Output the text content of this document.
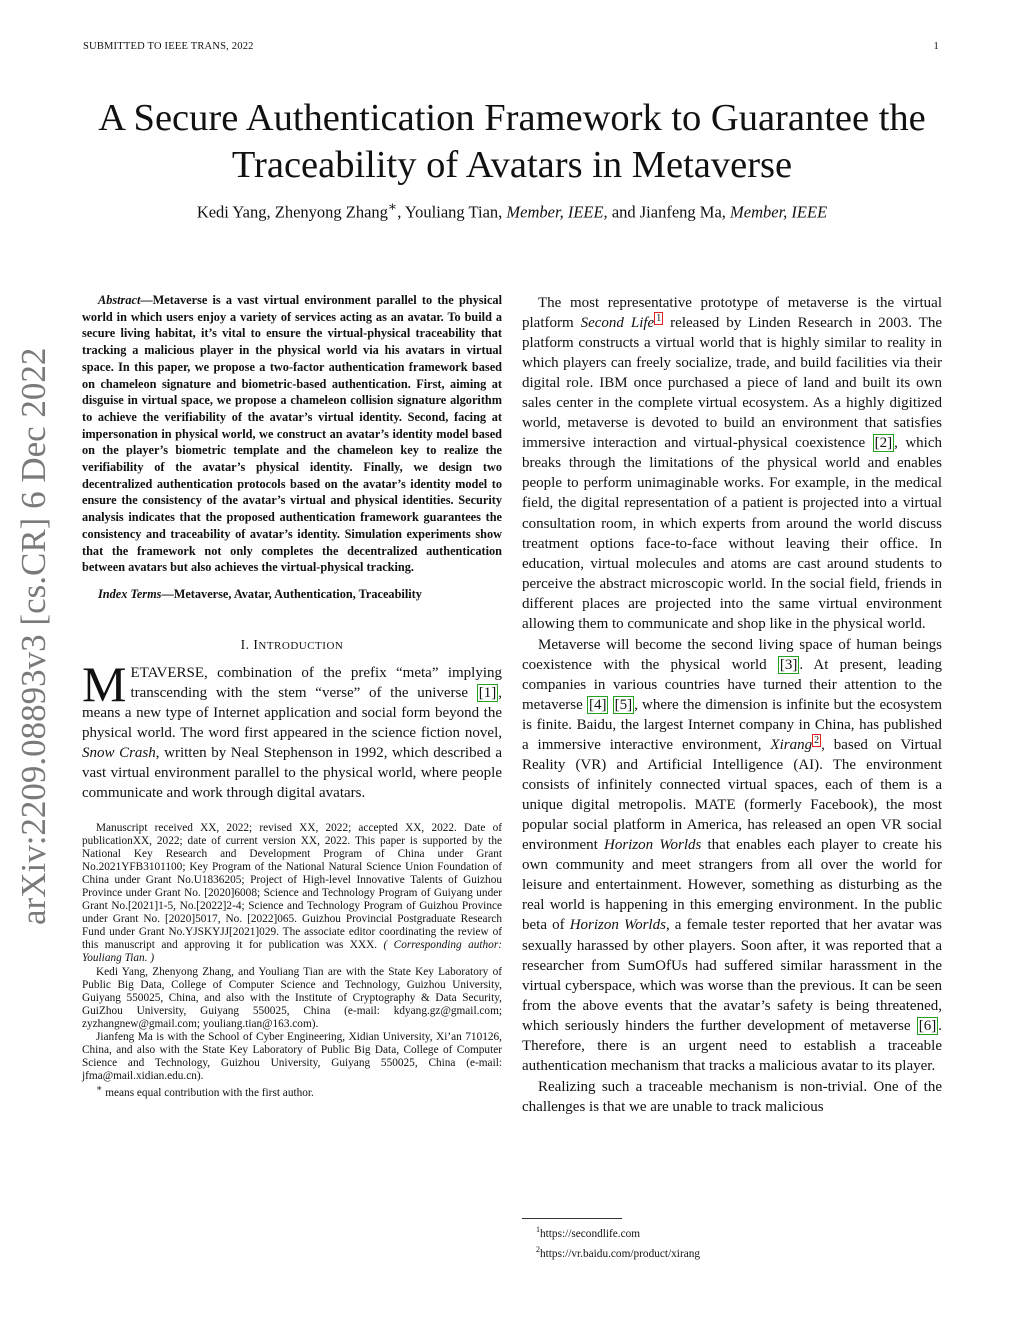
SUBMITTED TO IEEE TRANS, 2022	1
A Secure Authentication Framework to Guarantee the Traceability of Avatars in Metaverse
Kedi Yang, Zhenyong Zhang∗, Youliang Tian, Member, IEEE, and Jianfeng Ma, Member, IEEE
arXiv:2209.08893v3 [cs.CR] 6 Dec 2022

Abstract—Metaverse is a vast virtual environment parallel to the physical world in which users enjoy a variety of services acting as an avatar. To build a secure living habitat, it’s vital to ensure the virtual-physical traceability that tracking a malicious player in the physical world via his avatars in virtual space. In this paper, we propose a two-factor authentication framework based on chameleon signature and biometric-based authentication. First, aiming at disguise in virtual space, we propose a chameleon collision signature algorithm to achieve the verifiability of the avatar’s virtual identity. Second, facing at impersonation in physical world, we construct an avatar’s identity model based on the player’s biometric template and the chameleon key to realize the verifiability of the avatar’s physical identity. Finally, we design two decentralized authentication protocols based on the avatar’s identity model to ensure the consistency of the avatar’s virtual and physical identities. Security analysis indicates that the proposed authentication framework guarantees the consistency and traceability of avatar’s identity. Simulation experiments show that the framework not only completes the decentralized authentication between avatars but also achieves the virtual-physical tracking.

Index Terms—Metaverse, Avatar, Authentication, Traceability

I. INTRODUCTION

METAVERSE, combination of the prefix “meta” implying transcending with the stem “verse” of the universe [1] , means a new type of Internet application and social form beyond the physical world. The word first appeared in the science fiction novel, Snow Crash, written by Neal Stephenson in 1992, which described a vast virtual environment parallel to the physical world, where people communicate and work through digital avatars.

Manuscript received XX, 2022; revised XX, 2022; accepted XX, 2022. Date of publicationXX, 2022; date of current version XX, 2022. This paper is supported by the National Key Research and Development Program of China under Grant No.2021YFB3101100; Key Program of the National Natural Science Union Foundation of China under Grant No.U1836205; Project of High-level Innovative Talents of Guizhou Province under Grant No. [2020]6008; Science and Technology Program of Guiyang under Grant No.[2021]1-5, No.[2022]2-4; Science and Technology Program of Guizhou Province under Grant No. [2020]5017, No. [2022]065. Guizhou Provincial Postgraduate Research Fund under Grant No.YJSKYJJ[2021]029. The associate editor coordinating the review of this manuscript and approving it for publication was XXX. ( Corresponding author: Youliang Tian. )

Kedi Yang, Zhenyong Zhang, and Youliang Tian are with the State Key Laboratory of Public Big Data, College of Computer Science and Technology, Guizhou University, Guiyang 550025, China, and also with the Institute of Cryptography & Data Security, GuiZhou University, Guiyang 550025, China (e-mail: kdyang.gz@gmail.com; zyzhangnew@gmail.com; youliang.tian@163.com).

Jianfeng Ma is with the School of Cyber Engineering, Xidian University, Xi’an 710126, China, and also with the State Key Laboratory of Public Big Data, College of Computer Science and Technology, Guizhou University, Guiyang 550025, China (e-mail: jfma@mail.xidian.edu.cn).

∗ means equal contribution with the first author.

The most representative prototype of metaverse is the virtual platform Second Life $^1$ released by Linden Research in 2003. The platform constructs a virtual world that is highly similar to reality in which players can freely socialize, trade, and build facilities via their digital role. IBM once purchased a piece of land and built its own sales center in the complete virtual ecosystem. As a highly digitized world, metaverse is devoted to build an environment that satisfies immersive interaction and virtual-physical coexistence [2] , which breaks through the limitations of the physical world and enables people to perform unimaginable works. For example, in the medical field, the digital representation of a patient is projected into a virtual consultation room, in which experts from around the world discuss treatment options face-to-face without leaving their office. In education, virtual molecules and atoms are cast around students to perceive the abstract microscopic world. In the social field, friends in different places are projected into the same virtual environment allowing them to communicate and shop like in the physical world.

Metaverse will become the second living space of human beings coexistence with the physical world [3] . At present, leading companies in various countries have turned their attention to the metaverse [4] [5] , where the dimension is infinite but the ecosystem is finite. Baidu, the largest Internet company in China, has published a immersive interactive environment, Xirang $^2$ , based on Virtual Reality (VR) and Artificial Intelligence (AI). The environment consists of infinitely connected virtual spaces, each of them is a unique digital metropolis. MATE (formerly Facebook), the most popular social platform in America, has released an open VR social environment Horizon Worlds that enables each player to create his own community and meet strangers from all over the world for leisure and entertainment. However, something as disturbing as the real world is happening in this emerging environment. In the public beta of Horizon Worlds, a female tester reported that her avatar was sexually harassed by other players. Soon after, it was reported that a researcher from SumOfUs had suffered similar harassment in the virtual cyberspace, which was worse than the previous. It can be seen from the above events that the avatar’s safety is being threatened, which seriously hinders the further development of metaverse [6] . Therefore, there is an urgent need to establish a traceable authentication mechanism that tracks a malicious avatar to its player.

Realizing such a traceable mechanism is non-trivial. One of the challenges is that we are unable to track malicious

$^1$https://secondlife.com

$^2$https://vr.baidu.com/product/xirang
